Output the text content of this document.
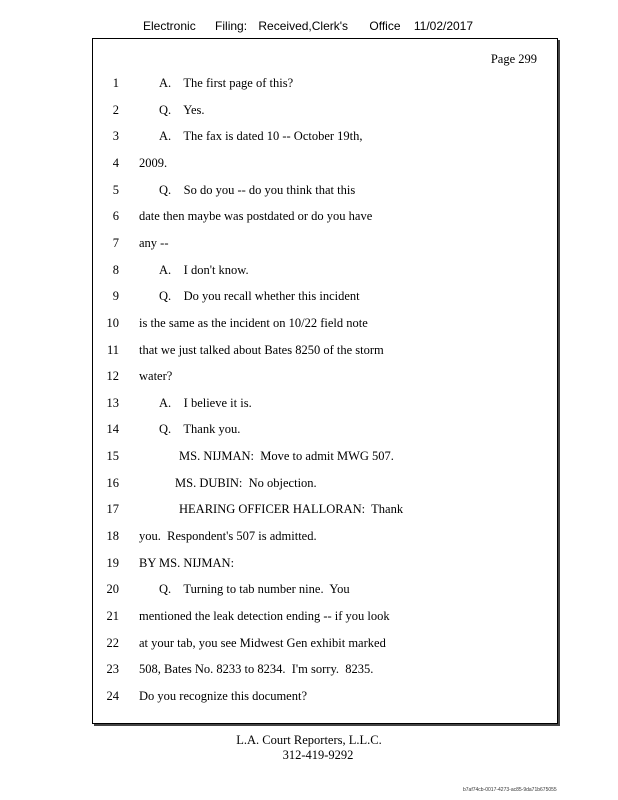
Electronic Filing: Received,Clerk's Office 11/02/2017
Page 299
1	A.    The first page of this?
2	Q.    Yes.
3	A.    The fax is dated 10 -- October 19th,
4 2009.
5	Q.    So do you -- do you think that this
6 date then maybe was postdated or do you have
7 any --
8	A.    I don't know.
9	Q.    Do you recall whether this incident
10 is the same as the incident on 10/22 field note
11 that we just talked about Bates 8250 of the storm
12 water?
13	A.    I believe it is.
14	Q.    Thank you.
15	MS. NIJMAN:  Move to admit MWG 507.
16	MS. DUBIN:  No objection.
17	HEARING OFFICER HALLORAN:  Thank
18 you.  Respondent's 507 is admitted.
19 BY MS. NIJMAN:
20	Q.    Turning to tab number nine.  You
21 mentioned the leak detection ending -- if you look
22 at your tab, you see Midwest Gen exhibit marked
23 508, Bates No. 8233 to 8234.  I'm sorry.  8235.
24 Do you recognize this document?
L.A. Court Reporters, L.L.C.
312-419-9292
b7af74cb-0017-4273-ac85-9da71b675055
